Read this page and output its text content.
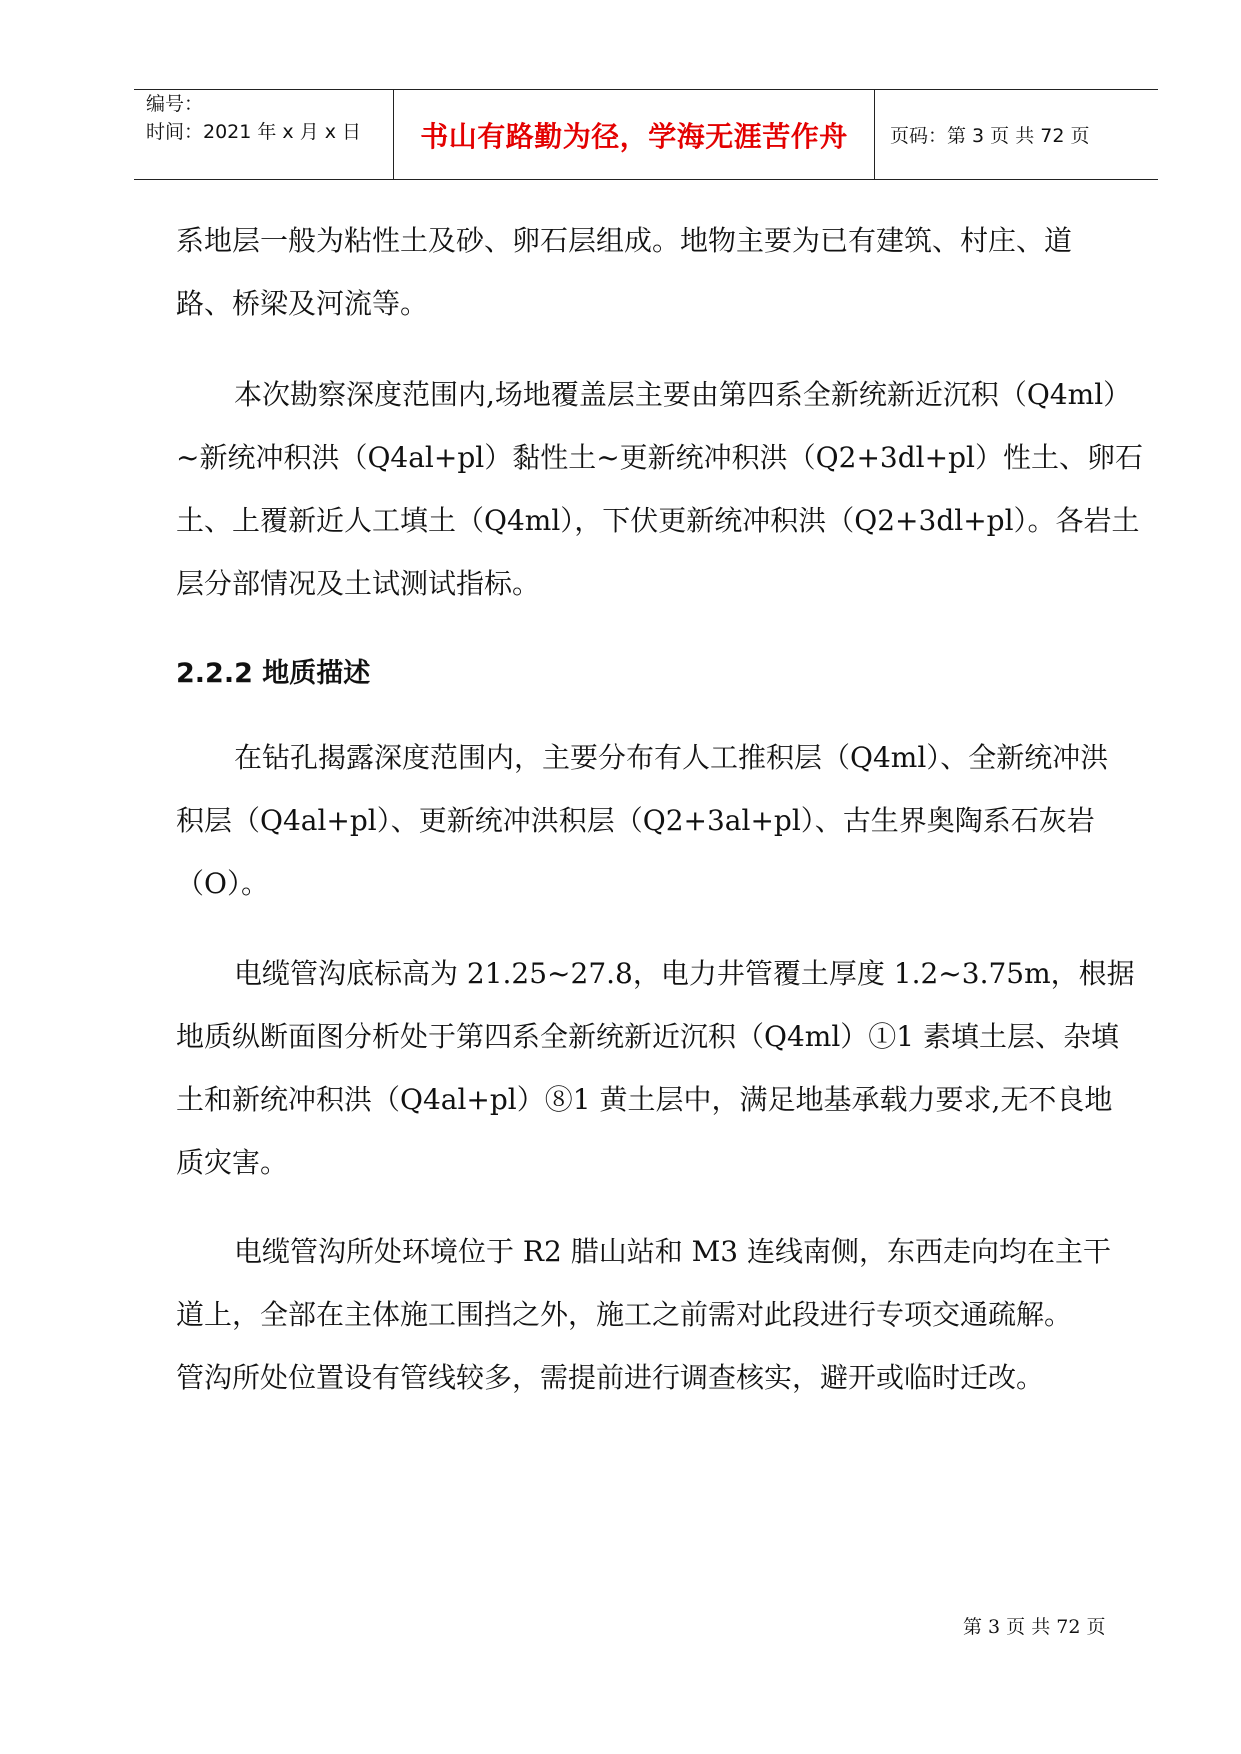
编号：
时间：2021 年 x 月 x 日 书山有路勤为径，学海无涯苦作舟 页码：第 3 页 共 72 页
系地层一般为粘性土及砂、卵石层组成。地物主要为已有建筑、村庄、道
路、桥梁及河流等。
本次勘察深度范围内,场地覆盖层主要由第四系全新统新近沉积（Q4ml）
~新统冲积洪（Q4al+pl）黏性土~更新统冲积洪（Q2+3dl+pl）性土、卵石
土、上覆新近人工填土（Q4ml），下伏更新统冲积洪（Q2+3dl+pl）。各岩土
层分部情况及土试测试指标。
2.2.2 地质描述
在钻孔揭露深度范围内，主要分布有人工推积层（Q4ml）、全新统冲洪
积层（Q4al+pl）、更新统冲洪积层（Q2+3al+pl）、古生界奥陶系石灰岩
（O）。
电缆管沟底标高为 21.25~27.8，电力井管覆土厚度 1.2~3.75m，根据
地质纵断面图分析处于第四系全新统新近沉积（Q4ml）①1 素填土层、杂填
土和新统冲积洪（Q4al+pl）⑧1 黄土层中，满足地基承载力要求,无不良地
质灾害。
电缆管沟所处环境位于 R2 腊山站和 M3 连线南侧，东西走向均在主干
道上，全部在主体施工围挡之外，施工之前需对此段进行专项交通疏解。
管沟所处位置设有管线较多，需提前进行调查核实，避开或临时迁改。
第 3 页 共 72 页
